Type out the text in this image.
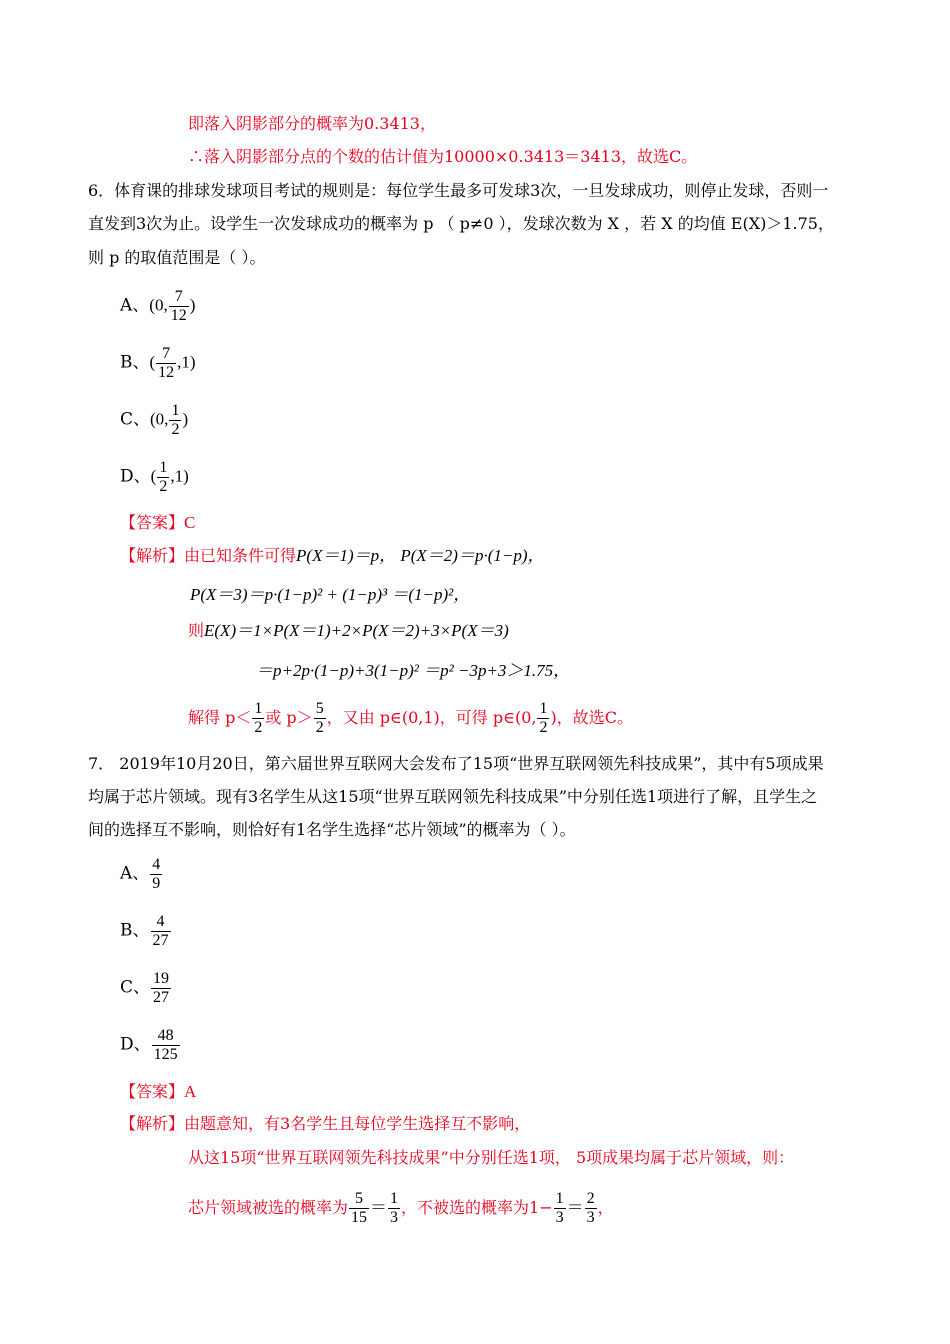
即落入阴影部分的概率为0.3413，
∴落入阴影部分点的个数的估计值为10000×0.3413＝3413，故选C。
6．体育课的排球发球项目考试的规则是：每位学生最多可发球3次，一旦发球成功，则停止发球，否则一
直发到3次为止。设学生一次发球成功的概率为 p （ p≠0 ），发球次数为 X ，若 X 的均值 E(X)＞1.75，
则 p 的取值范围是（ ）。
A、(0, $\frac{7}{12}$ )
B、( $\frac{7}{12} ,1$)
C、(0, $\frac{1}{2}$ )
D、( $\frac{1}{2} ,1$)
【答案】C
【解析】由已知条件可得P(X＝1)＝p， P(X＝2)＝p·(1−p)，
P(X＝3)＝p·(1−p)² + (1−p)³ ＝(1−p)²，
则E(X)＝1×P(X＝1)+2×P(X＝2)+3×P(X＝3)
＝p+2p·(1−p)+3(1−p)² ＝p² −3p+3＞1.75，
解得 $p< \frac{1}{2}$ 或 $p> \frac{5}{2}$ ，又由 p∈(0,1)，可得 p∈(0, $\frac{1}{2}$ )，故选C。
7． 2019年10月20日，第六届世界互联网大会发布了15项“世界互联网领先科技成果”，其中有5项成果
均属于芯片领域。现有3名学生从这15项“世界互联网领先科技成果”中分别任选1项进行了解，且学生之
间的选择互不影响，则恰好有1名学生选择“芯片领域”的概率为（ ）。
A、 $\frac{4}{9}$
B、 $\frac{4}{27}$
C、 $\frac{19}{27}$
D、 $\frac{48}{125}$
【答案】A
【解析】由题意知，有3名学生且每位学生选择互不影响，
从这15项“世界互联网领先科技成果”中分别任选1项， 5项成果均属于芯片领域，则：
芯片领域被选的概率为 $\frac{5}{15} = \frac{1}{3}$ ，不被选的概率为$1- \frac{1}{3} = \frac{2}{3}$ ，
